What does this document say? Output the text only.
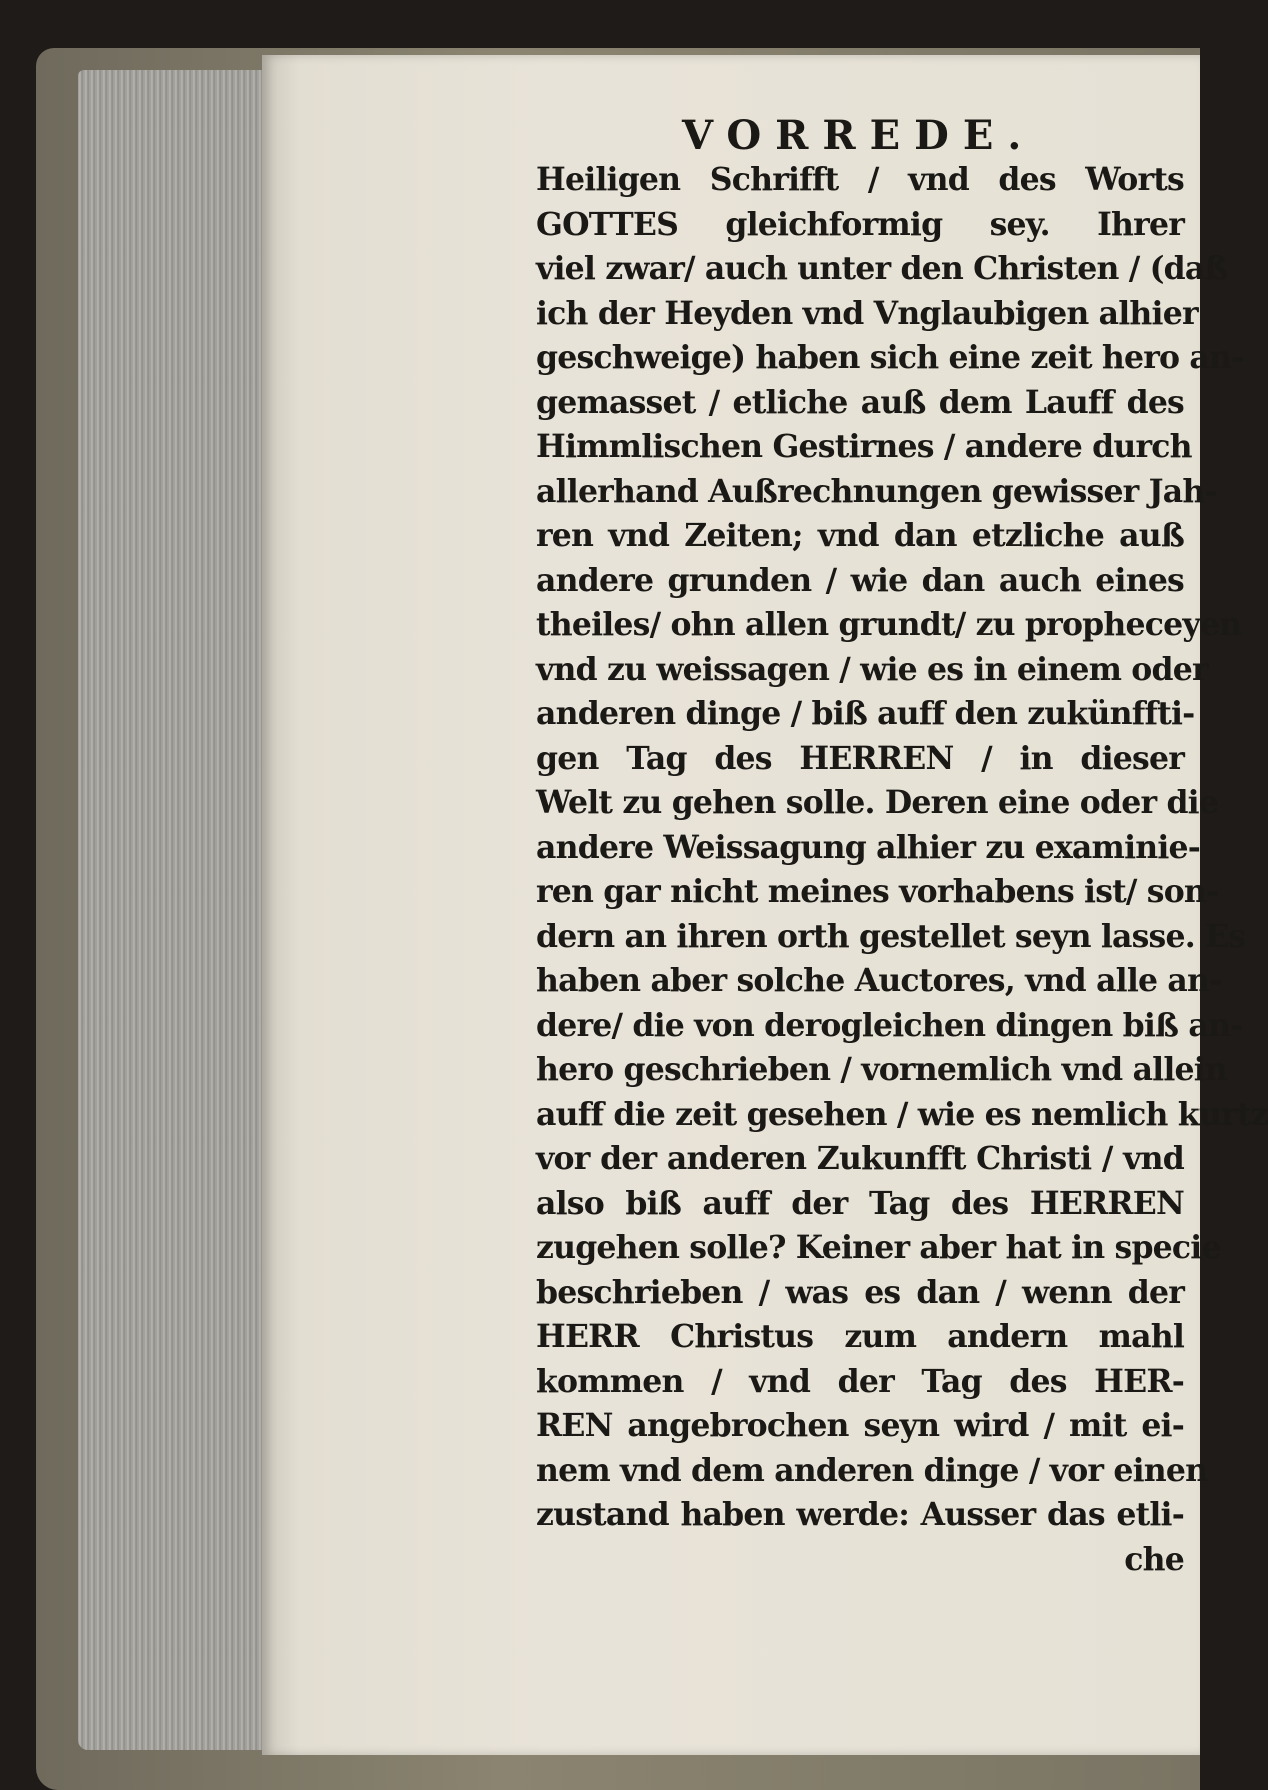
VORREDE.
Heiligen Schrifft / vnd des Worts
GOTTES gleichformig sey. Ihrer
viel zwar/ auch unter den Christen / (daß
ich der Heyden vnd Vnglaubigen alhier
geschweige) haben sich eine zeit hero an-
gemasset / etliche auß dem Lauff des
Himmlischen Gestirnes / andere durch
allerhand Außrechnungen gewisser Jah-
ren vnd Zeiten; vnd dan etzliche auß
andere grunden / wie dan auch eines
theiles/ ohn allen grundt/ zu propheceyen
vnd zu weissagen / wie es in einem oder
anderen dinge / biß auff den zukünffti-
gen Tag des HERREN / in dieser
Welt zu gehen solle. Deren eine oder die
andere Weissagung alhier zu examinie-
ren gar nicht meines vorhabens ist/ son-
dern an ihren orth gestellet seyn lasse. Es
haben aber solche Auctores, vnd alle an-
dere/ die von derogleichen dingen biß an-
hero geschrieben / vornemlich vnd allein
auff die zeit gesehen / wie es nemlich kurtz
vor der anderen Zukunfft Christi / vnd
also biß auff der Tag des HERREN
zugehen solle? Keiner aber hat in specie
beschrieben / was es dan / wenn der
HERR Christus zum andern mahl
kommen / vnd der Tag des HER-
REN angebrochen seyn wird / mit ei-
nem vnd dem anderen dinge / vor einen
zustand haben werde: Ausser das etli-
che
